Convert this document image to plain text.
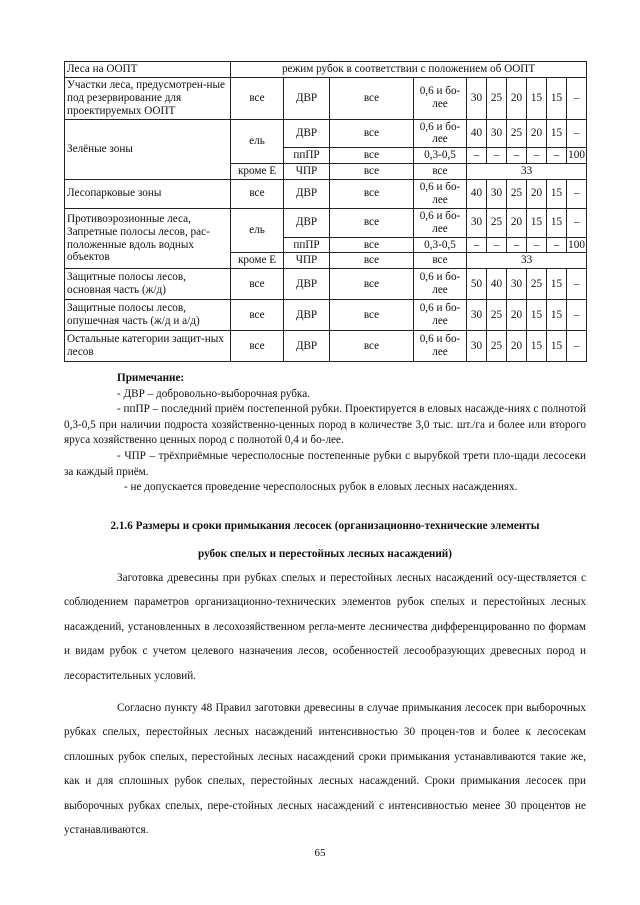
Леса на ООПТ	режим рубок в соответствии с положением об ООПТ									
Участки леса, предусмотрен-ные под резервирование для проектируемых ООПТ	все	ДВР	все	0,6 и бо-лее	30	25	20	15	15	–
Зелёные зоны	ель	ДВР	все	0,6 и бо-лее	40	30	25	20	15	–
		ппПР	все	0,3-0,5	–	–	–	–	–	100
	кроме Е	ЧПР	все	все	33					
Лесопарковые зоны	все	ДВР	все	0,6 и бо-лее	40	30	25	20	15	–
Противоэрозионные леса, Запретные полосы лесов, рас-положенные вдоль водных объектов	ель	ДВР	все	0,6 и бо-лее	30	25	20	15	15	–
		ппПР	все	0,3-0,5	–	–	–	–	–	100
	кроме Е	ЧПР	все	все	33					
Защитные полосы лесов, основная часть (ж/д)	все	ДВР	все	0,6 и бо-лее	50	40	30	25	15	–
Защитные полосы лесов, опушечная часть (ж/д и а/д)	все	ДВР	все	0,6 и бо-лее	30	25	20	15	15	–
Остальные категории защит-ных лесов	все	ДВР	все	0,6 и бо-лее	30	25	20	15	15	–

Примечание:

- ДВР – добровольно-выборочная рубка.

- ппПР – последний приём постепенной рубки. Проектируется в еловых насажде-ниях с полнотой 0,3-0,5 при наличии подроста хозяйственно-ценных пород в количестве 3,0 тыс. шт./га и более или второго яруса хозяйственно ценных пород с полнотой 0,4 и бо-лее.

- ЧПР – трёхприёмные чересполосные постепенные рубки с вырубкой трети пло-щади лесосеки за каждый приём.

- не допускается проведение чересполосных рубок в еловых лесных насаждениях.

2.1.6 Размеры и сроки примыкания лесосек (организационно-технические элементы
рубок спелых и перестойных лесных насаждений)

Заготовка древесины при рубках спелых и перестойных лесных насаждений осу-ществляется с соблюдением параметров организационно-технических элементов рубок спелых и перестойных лесных насаждений, установленных в лесохозяйственном регла-менте лесничества дифференцированно по формам и видам рубок с учетом целевого назначения лесов, особенностей лесообразующих древесных пород и лесорастительных условий.

Согласно пункту 48 Правил заготовки древесины в случае примыкания лесосек при выборочных рубках спелых, перестойных лесных насаждений интенсивностью 30 процен-тов и более к лесосекам сплошных рубок спелых, перестойных лесных насаждений сроки примыкания устанавливаются такие же, как и для сплошных рубок спелых, перестойных лесных насаждений. Сроки примыкания лесосек при выборочных рубках спелых, пере-стойных лесных насаждений с интенсивностью менее 30 процентов не устанавливаются.

65
